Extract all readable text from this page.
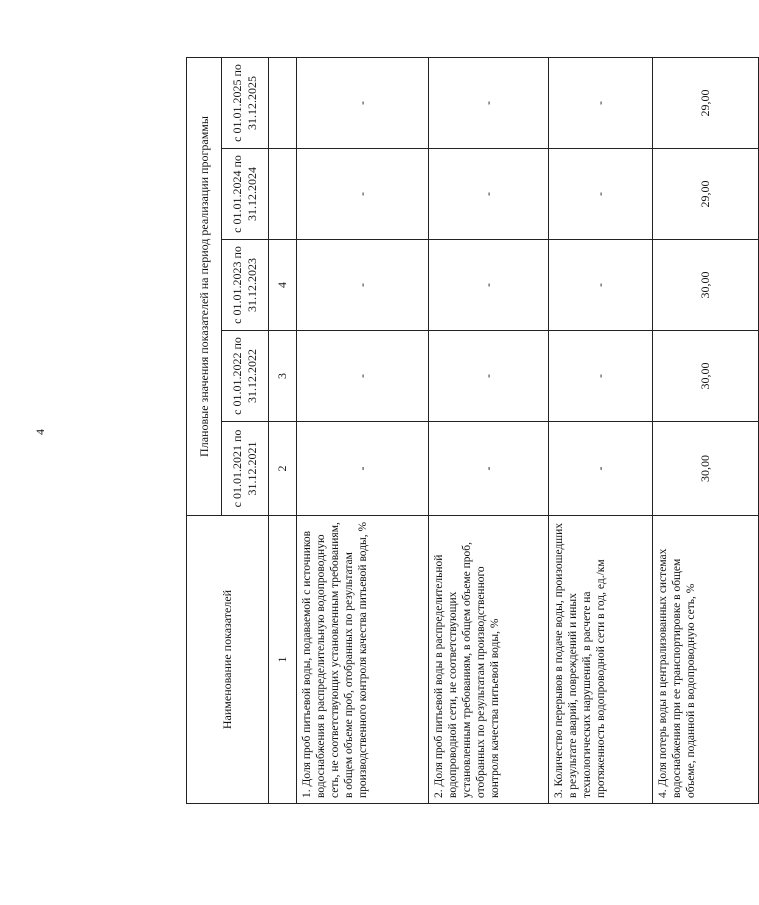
4
Наименование показателей	Плановые значения показателей на период реализации программы				
	с 01.01.2021 по 31.12.2021	с 01.01.2022 по 31.12.2022	с 01.01.2023 по 31.12.2023	с 01.01.2024 по 31.12.2024	с 01.01.2025 по 31.12.2025
1	2	3	4		
1. Доля проб питьевой воды, подаваемой с источников водоснабжения в распределительную водопроводную сеть, не соответствующих установленным требованиям, в общем объеме проб, отобранных по результатам производственного контроля качества питьевой воды, %	-	-	-	-	-
2. Доля проб питьевой воды в распределительной водопроводной сети, не соответствующих установленным требованиям, в общем объеме проб, отобранных по результатам производственного контроля качества питьевой воды, %	-	-	-	-	-
3. Количество перерывов в подаче воды, произошедших в результате аварий, повреждений и иных технологических нарушений, в расчете на протяженность водопроводной сети в год, ед./км	-	-	-	-	-
4. Доля потерь воды в централизованных системах водоснабжения при ее транспортировке в общем объеме, поданной в водопроводную сеть, %	30,00	30,00	30,00	29,00	29,00
